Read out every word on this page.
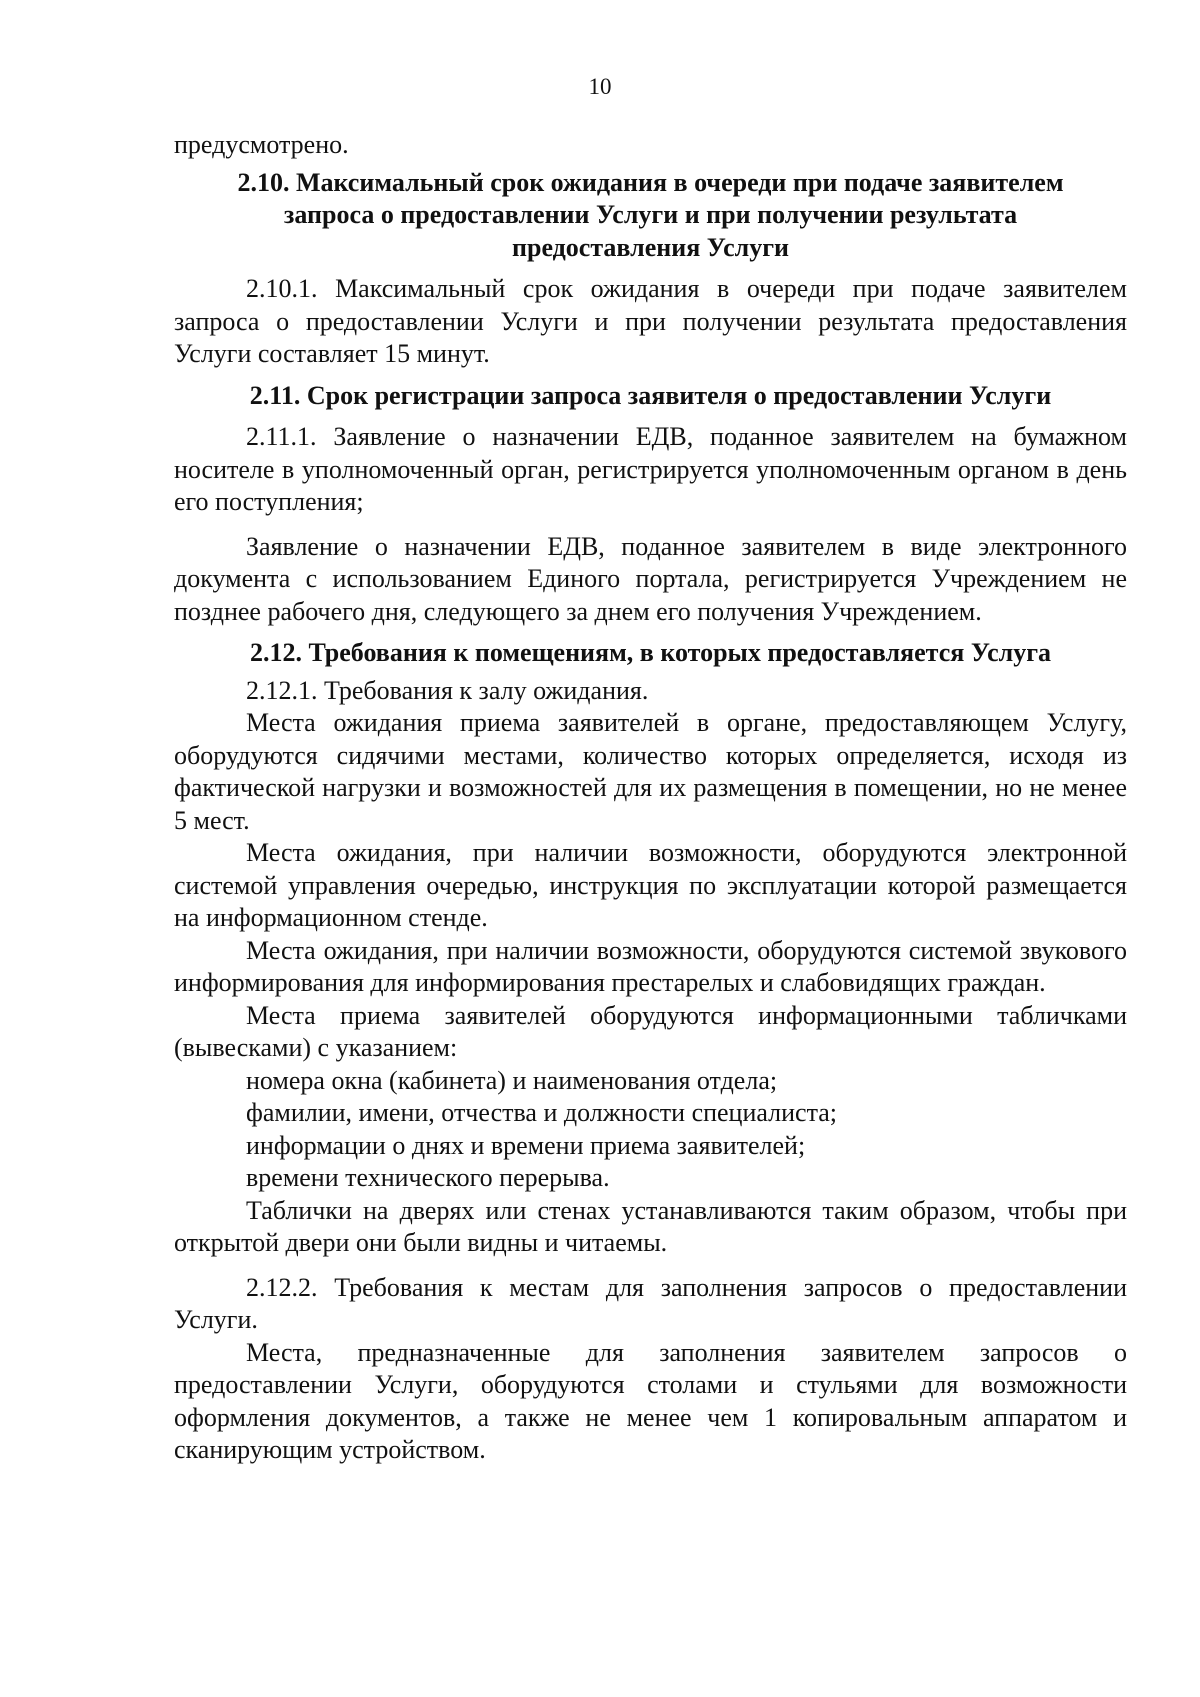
10

предусмотрено.

2.10. Максимальный срок ожидания в очереди при подаче заявителем запроса о предоставлении Услуги и при получении результата предоставления Услуги

2.10.1. Максимальный срок ожидания в очереди при подаче заявителем запроса о предоставлении Услуги и при получении результата предоставления Услуги составляет 15 минут.

2.11. Срок регистрации запроса заявителя о предоставлении Услуги

2.11.1. Заявление о назначении ЕДВ, поданное заявителем на бумажном носителе в уполномоченный орган, регистрируется уполномоченным органом в день его поступления;

Заявление о назначении ЕДВ, поданное заявителем в виде электронного документа с использованием Единого портала, регистрируется Учреждением не позднее рабочего дня, следующего за днем его получения Учреждением.

2.12. Требования к помещениям, в которых предоставляется Услуга

2.12.1. Требования к залу ожидания.

Места ожидания приема заявителей в органе, предоставляющем Услугу, оборудуются сидячими местами, количество которых определяется, исходя из фактической нагрузки и возможностей для их размещения в помещении, но не менее 5 мест.

Места ожидания, при наличии возможности, оборудуются электронной системой управления очередью, инструкция по эксплуатации которой размещается на информационном стенде.

Места ожидания, при наличии возможности, оборудуются системой звукового информирования для информирования престарелых и слабовидящих граждан.

Места приема заявителей оборудуются информационными табличками (вывесками) с указанием:

номера окна (кабинета) и наименования отдела;

фамилии, имени, отчества и должности специалиста;

информации о днях и времени приема заявителей;

времени технического перерыва.

Таблички на дверях или стенах устанавливаются таким образом, чтобы при открытой двери они были видны и читаемы.

2.12.2. Требования к местам для заполнения запросов о предоставлении Услуги.

Места, предназначенные для заполнения заявителем запросов о предоставлении Услуги, оборудуются столами и стульями для возможности оформления документов, а также не менее чем 1 копировальным аппаратом и сканирующим устройством.
